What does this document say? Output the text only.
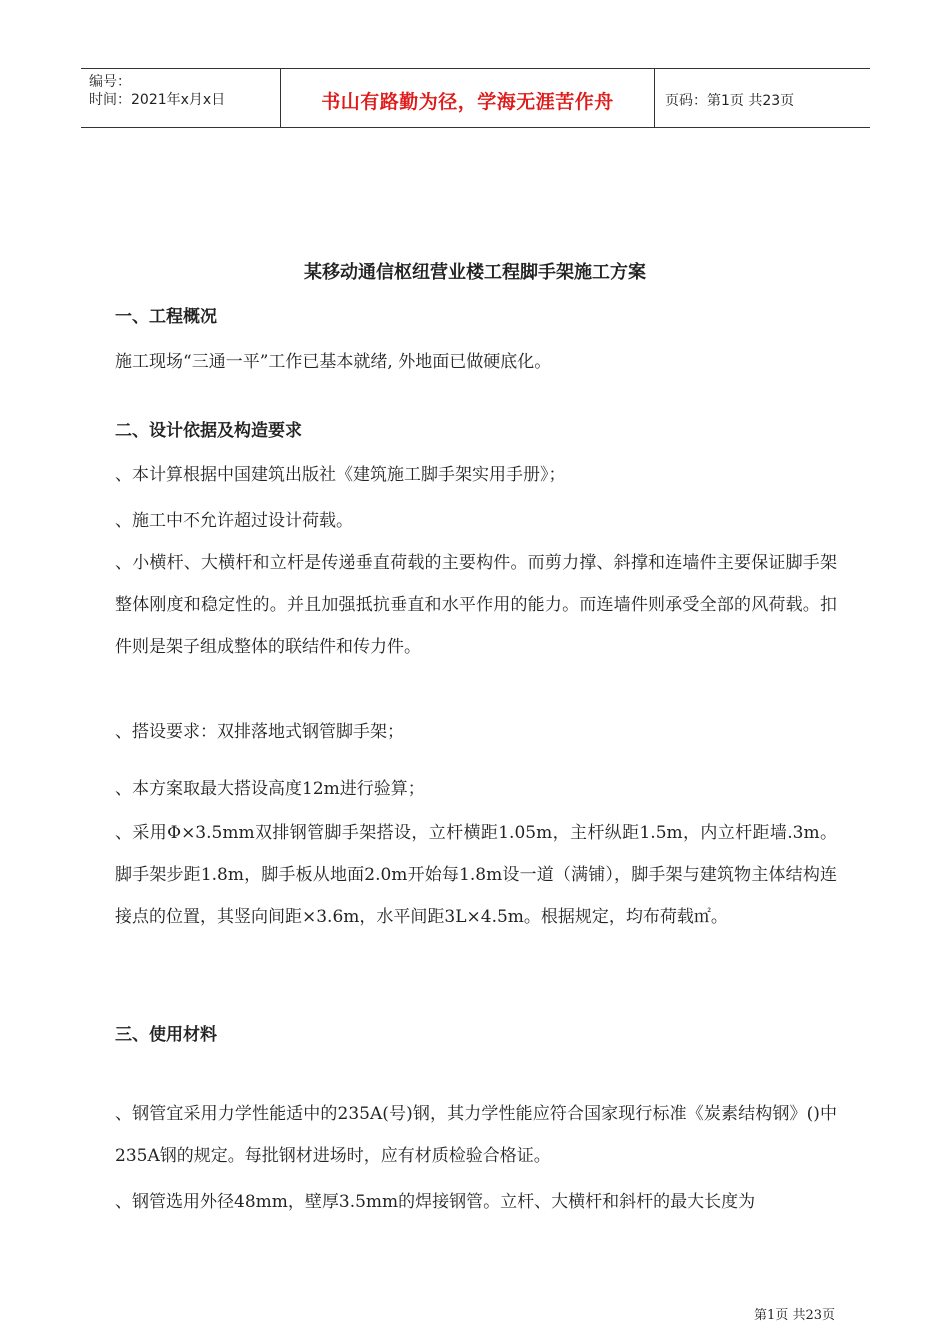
编号：
时间：2021年x月x日	书山有路勤为径，学海无涯苦作舟	页码：第1页 共23页
某移动通信枢纽营业楼工程脚手架施工方案
一、工程概况
施工现场“三通一平”工作已基本就绪, 外地面已做硬底化。
二、设计依据及构造要求
、本计算根据中国建筑出版社《建筑施工脚手架实用手册》；
、施工中不允许超过设计荷载。
、小横杆、大横杆和立杆是传递垂直荷载的主要构件。而剪力撑、斜撑和连墙件主要保证脚手架整体刚度和稳定性的。并且加强抵抗垂直和水平作用的能力。而连墙件则承受全部的风荷载。扣件则是架子组成整体的联结件和传力件。
、搭设要求：双排落地式钢管脚手架；
、本方案取最大搭设高度12m进行验算；
、采用Φ×3.5mm双排钢管脚手架搭设，立杆横距1.05m，主杆纵距1.5m，内立杆距墙.3m。脚手架步距1.8m，脚手板从地面2.0m开始每1.8m设一道（满铺），脚手架与建筑物主体结构连接点的位置，其竖向间距×3.6m，水平间距3L×4.5m。根据规定，均布荷载㎡。
三、使用材料
、钢管宜采用力学性能适中的235A(号)钢，其力学性能应符合国家现行标准《炭素结构钢》()中235A钢的规定。每批钢材进场时，应有材质检验合格证。
、钢管选用外径48mm，壁厚3.5mm的焊接钢管。立杆、大横杆和斜杆的最大长度为
第1页 共23页
